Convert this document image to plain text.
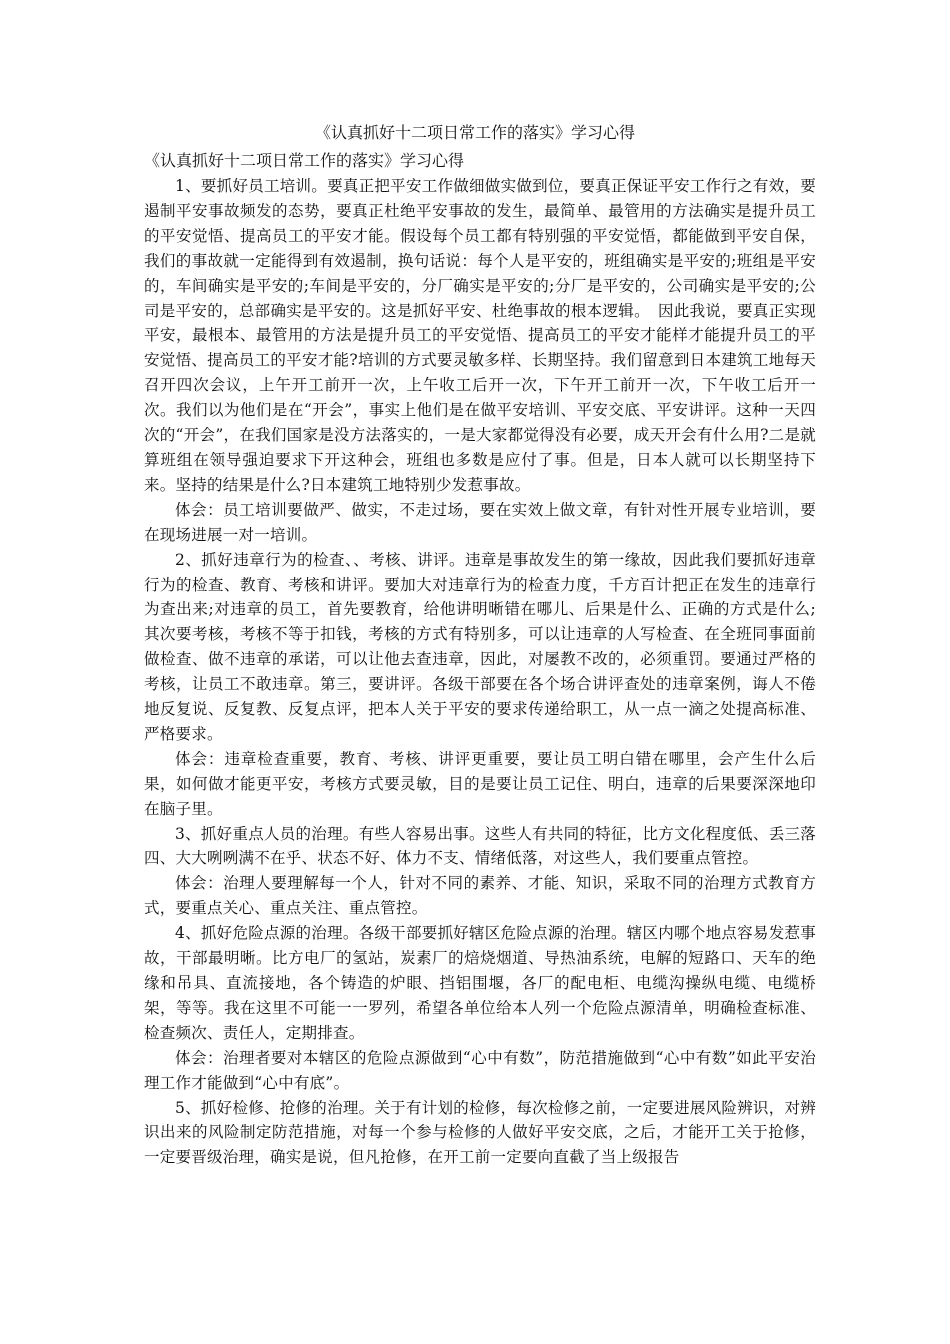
《认真抓好十二项日常工作的落实》学习心得
《认真抓好十二项日常工作的落实》学习心得

1、要抓好员工培训。要真正把平安工作做细做实做到位，要真正保证平安工作行之有效，要遏制平安事故频发的态势，要真正杜绝平安事故的发生，最简单、最管用的方法确实是提升员工的平安觉悟、提高员工的平安才能。假设每个员工都有特别强的平安觉悟，都能做到平安自保，我们的事故就一定能得到有效遏制，换句话说：每个人是平安的，班组确实是平安的;班组是平安的，车间确实是平安的;车间是平安的，分厂确实是平安的;分厂是平安的，公司确实是平安的;公司是平安的，总部确实是平安的。这是抓好平安、杜绝事故的根本逻辑。　因此我说，要真正实现平安，最根本、最管用的方法是提升员工的平安觉悟、提高员工的平安才能样才能提升员工的平安觉悟、提高员工的平安才能?培训的方式要灵敏多样、长期坚持。我们留意到日本建筑工地每天召开四次会议，上午开工前开一次，上午收工后开一次，下午开工前开一次，下午收工后开一次。我们以为他们是在“开会”，事实上他们是在做平安培训、平安交底、平安讲评。这种一天四次的“开会”，在我们国家是没方法落实的，一是大家都觉得没有必要，成天开会有什么用?二是就算班组在领导强迫要求下开这种会，班组也多数是应付了事。但是，日本人就可以长期坚持下来。坚持的结果是什么?日本建筑工地特别少发惹事故。

体会：员工培训要做严、做实，不走过场，要在实效上做文章，有针对性开展专业培训，要在现场进展一对一培训。

2、抓好违章行为的检查、、考核、讲评。违章是事故发生的第一缘故，因此我们要抓好违章行为的检查、教育、考核和讲评。要加大对违章行为的检查力度，千方百计把正在发生的违章行为查出来;对违章的员工，首先要教育，给他讲明晰错在哪儿、后果是什么、正确的方式是什么;其次要考核，考核不等于扣钱，考核的方式有特别多，可以让违章的人写检查、在全班同事面前做检查、做不违章的承诺，可以让他去查违章，因此，对屡教不改的，必须重罚。要通过严格的考核，让员工不敢违章。第三，要讲评。各级干部要在各个场合讲评查处的违章案例，诲人不倦地反复说、反复教、反复点评，把本人关于平安的要求传递给职工，从一点一滴之处提高标准、严格要求。

体会：违章检查重要，教育、考核、讲评更重要，要让员工明白错在哪里，会产生什么后果，如何做才能更平安，考核方式要灵敏，目的是要让员工记住、明白，违章的后果要深深地印在脑子里。

3、抓好重点人员的治理。有些人容易出事。这些人有共同的特征，比方文化程度低、丢三落四、大大咧咧满不在乎、状态不好、体力不支、情绪低落，对这些人，我们要重点管控。

体会：治理人要理解每一个人，针对不同的素养、才能、知识，采取不同的治理方式教育方式，要重点关心、重点关注、重点管控。

4、抓好危险点源的治理。各级干部要抓好辖区危险点源的治理。辖区内哪个地点容易发惹事故，干部最明晰。比方电厂的氢站，炭素厂的焙烧烟道、导热油系统，电解的短路口、天车的绝缘和吊具、直流接地，各个铸造的炉眼、挡铝围堰，各厂的配电柜、电缆沟操纵电缆、电缆桥架，等等。我在这里不可能一一罗列，希望各单位给本人列一个危险点源清单，明确检查标准、检查频次、责任人，定期排查。

体会：治理者要对本辖区的危险点源做到“心中有数”，防范措施做到“心中有数”如此平安治理工作才能做到“心中有底”。

5、抓好检修、抢修的治理。关于有计划的检修，每次检修之前，一定要进展风险辨识，对辨识出来的风险制定防范措施，对每一个参与检修的人做好平安交底，之后，才能开工关于抢修，一定要晋级治理，确实是说，但凡抢修，在开工前一定要向直截了当上级报告
